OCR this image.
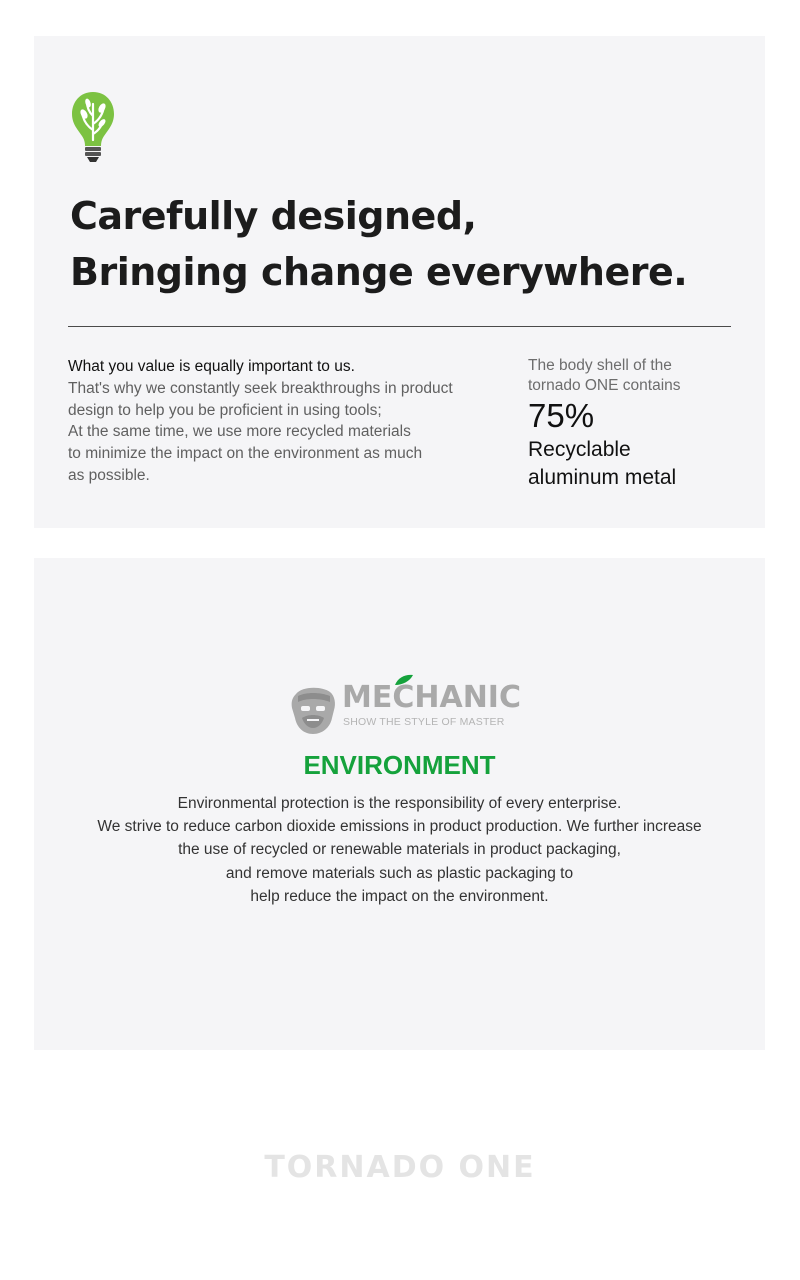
Carefully designed,
Bringing change everywhere.
What you value is equally important to us.
That's why we constantly seek breakthroughs in product
design to help you be proficient in using tools;
At the same time, we use more recycled materials
to minimize the impact on the environment as much
as possible.
The body shell of the
tornado ONE contains
75%
Recyclable
aluminum metal
MECHANIC
SHOW THE STYLE OF MASTER
ENVIRONMENT
Environmental protection is the responsibility of every enterprise.
We strive to reduce carbon dioxide emissions in product production. We further increase
the use of recycled or renewable materials in product packaging,
and remove materials such as plastic packaging to
help reduce the impact on the environment.
TORNADO ONE
